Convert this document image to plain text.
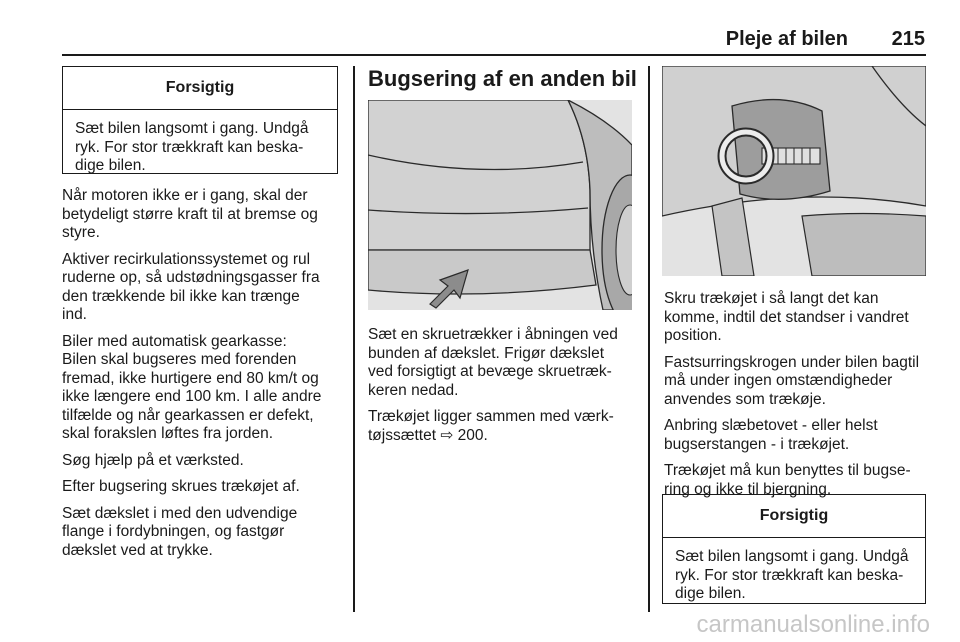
Pleje af bilen	215
Forsigtig
Sæt bilen langsomt i gang. Undgå
ryk. For stor trækkraft kan beska-
dige bilen.

Når motoren ikke er i gang, skal der
betydeligt større kraft til at bremse og
styre.

Aktiver recirkulationssystemet og rul
ruderne op, så udstødningsgasser fra
den trækkende bil ikke kan trænge
ind.

Biler med automatisk gearkasse:
Bilen skal bugseres med forenden
fremad, ikke hurtigere end 80 km/t og
ikke længere end 100 km. I alle andre
tilfælde og når gearkassen er defekt,
skal forakslen løftes fra jorden.

Søg hjælp på et værksted.

Efter bugsering skrues trækøjet af.

Sæt dækslet i med den udvendige
flange i fordybningen, og fastgør
dækslet ved at trykke.

Bugsering af en anden bil

Sæt en skruetrækker i åbningen ved
bunden af dækslet. Frigør dækslet
ved forsigtigt at bevæge skruetræk-
keren nedad.

Trækøjet ligger sammen med værk-
tøjssættet ⇨ 200.

Skru trækøjet i så langt det kan
komme, indtil det standser i vandret
position.

Fastsurringskrogen under bilen bagtil
må under ingen omstændigheder
anvendes som trækøje.

Anbring slæbetovet - eller helst
bugserstangen - i trækøjet.

Trækøjet må kun benyttes til bugse-
ring og ikke til bjergning.

Forsigtig
Sæt bilen langsomt i gang. Undgå
ryk. For stor trækkraft kan beska-
dige bilen.
carmanualsonline.info
